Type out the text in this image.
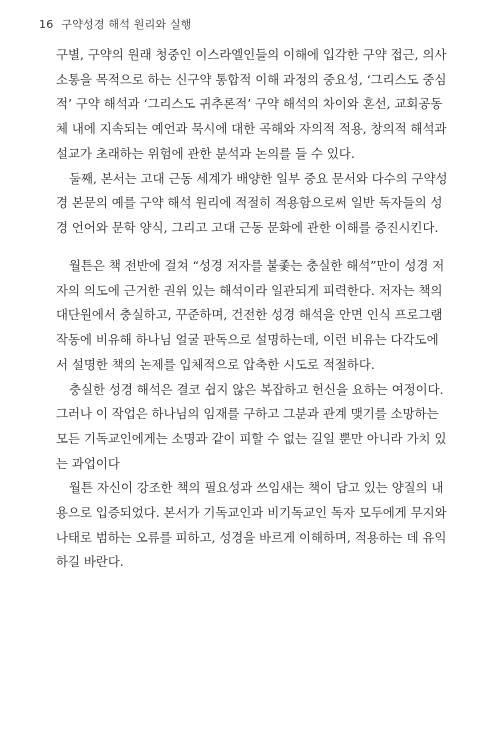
16 구약성경 해석 원리와 실행
구별, 구약의 원래 청중인 이스라엘인들의 이해에 입각한 구약 접근, 의사
소통을 목적으로 하는 신구약 통합적 이해 과정의 중요성, ‘그리스도 중심
적’ 구약 해석과 ‘그리스도 귀추론적’ 구약 해석의 차이와 혼선, 교회공동
체 내에 지속되는 예언과 묵시에 대한 곡해와 자의적 적용, 창의적 해석과
설교가 초래하는 위험에 관한 분석과 논의를 들 수 있다.
둘째, 본서는 고대 근동 세계가 배양한 일부 중요 문서와 다수의 구약성
경 본문의 예를 구약 해석 원리에 적절히 적용함으로써 일반 독자들의 성
경 언어와 문학 양식, 그리고 고대 근동 문화에 관한 이해를 증진시킨다.
월튼은 책 전반에 걸쳐 “성경 저자를 붙좇는 충실한 해석”만이 성경 저
자의 의도에 근거한 권위 있는 해석이라 일관되게 피력한다. 저자는 책의
대단원에서 충실하고, 꾸준하며, 건전한 성경 해석을 안면 인식 프로그램
작동에 비유해 하나님 얼굴 판독으로 설명하는데, 이런 비유는 다각도에
서 설명한 책의 논제를 입체적으로 압축한 시도로 적절하다.
충실한 성경 해석은 결코 쉽지 않은 복잡하고 헌신을 요하는 여정이다.
그러나 이 작업은 하나님의 임재를 구하고 그분과 관계 맺기를 소망하는
모든 기독교인에게는 소명과 같이 피할 수 없는 길일 뿐만 아니라 가치 있
는 과업이다
월튼 자신이 강조한 책의 필요성과 쓰임새는 책이 담고 있는 양질의 내
용으로 입증되었다. 본서가 기독교인과 비기독교인 독자 모두에게 무지와
나태로 범하는 오류를 피하고, 성경을 바르게 이해하며, 적용하는 데 유익
하길 바란다.
